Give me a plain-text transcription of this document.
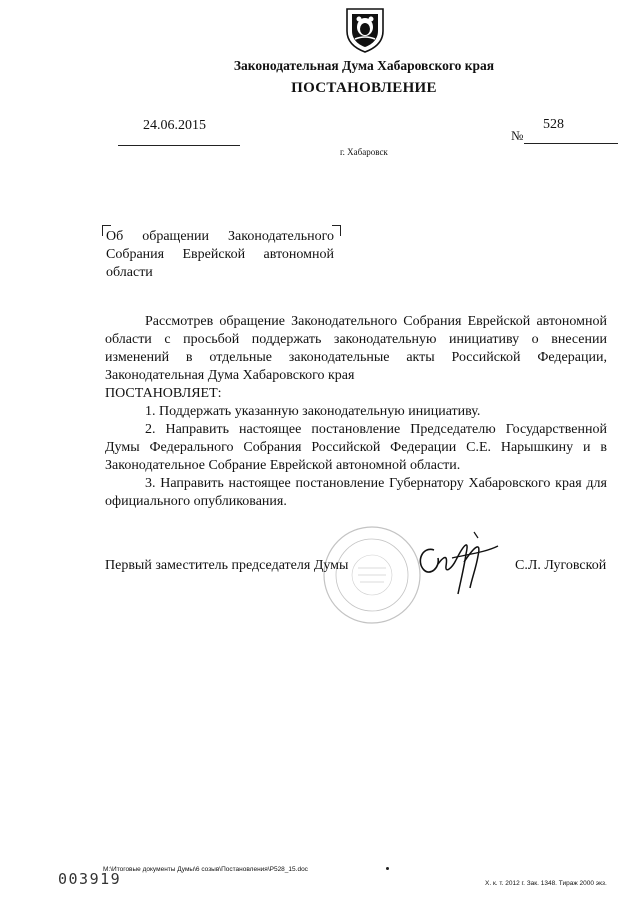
Законодательная Дума Хабаровского края
ПОСТАНОВЛЕНИЕ
24.06.2015	528
№
г. Хабаровск
Об обращении Законодательного
Собрания Еврейской автономной
области
Рассмотрев обращение Законодательного Собрания Еврейской автономной
области с просьбой поддержать законодательную инициативу о внесении
изменений в отдельные законодательные акты Российской Федерации,
Законодательная Дума Хабаровского края
ПОСТАНОВЛЯЕТ:
1. Поддержать указанную законодательную инициативу.
2. Направить настоящее постановление Председателю Государственной
Думы Федерального Собрания Российской Федерации С.Е. Нарышкину и в
Законодательное Собрание Еврейской автономной области.
3. Направить настоящее постановление Губернатору Хабаровского края для
официального опубликования.
Первый заместитель председателя Думы	С.Л. Луговской
003919
М:\Итоговые документы Думы\6 созыв\Постановления\Р528_15.doc
Х. к. т. 2012 г. Зак. 1348. Тираж 2000 экз.
